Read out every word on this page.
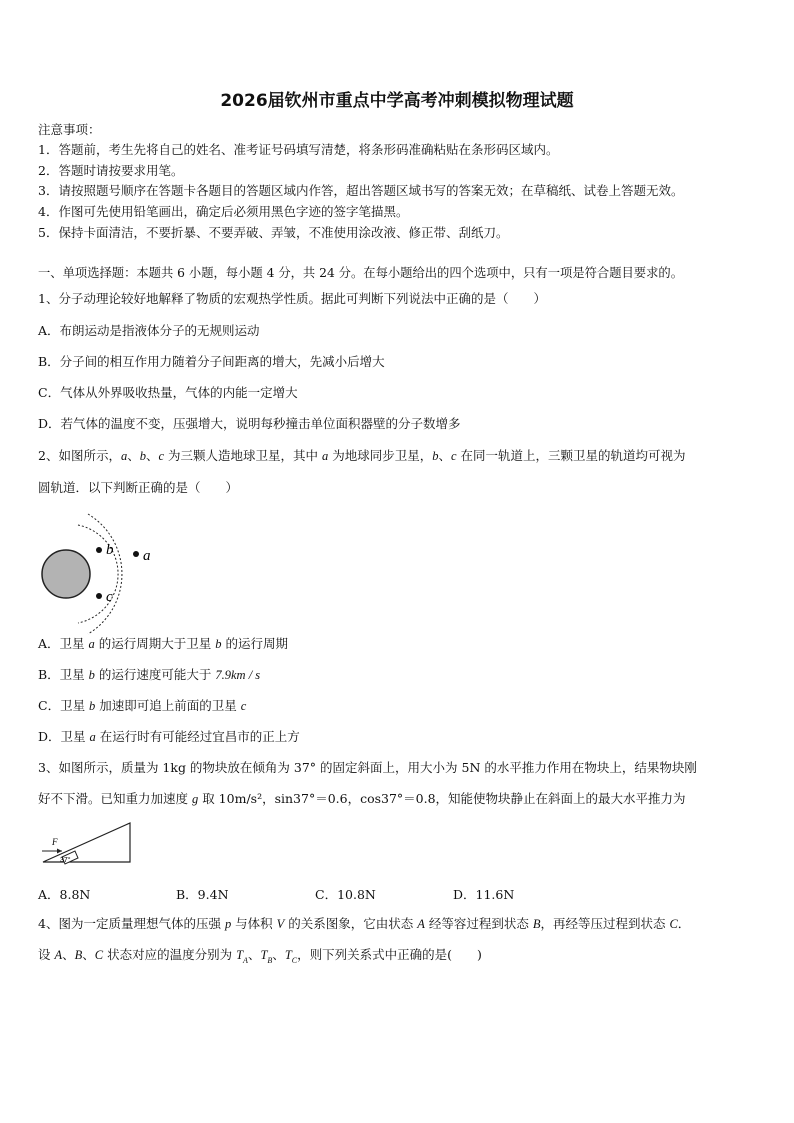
2026届钦州市重点中学高考冲刺模拟物理试题
注意事项：
1．答题前，考生先将自己的姓名、准考证号码填写清楚，将条形码准确粘贴在条形码区域内。
2．答题时请按要求用笔。
3．请按照题号顺序在答题卡各题目的答题区域内作答，超出答题区域书写的答案无效；在草稿纸、试卷上答题无效。
4．作图可先使用铅笔画出，确定后必须用黑色字迹的签字笔描黑。
5．保持卡面清洁，不要折暴、不要弄破、弄皱，不准使用涂改液、修正带、刮纸刀。
一、单项选择题：本题共 6 小题，每小题 4 分，共 24 分。在每小题给出的四个选项中，只有一项是符合题目要求的。
1、分子动理论较好地解释了物质的宏观热学性质。据此可判断下列说法中正确的是（　　）
A．布朗运动是指液体分子的无规则运动
B．分子间的相互作用力随着分子间距离的增大，先减小后增大
C．气体从外界吸收热量，气体的内能一定增大
D．若气体的温度不变，压强增大，说明每秒撞击单位面积器壁的分子数增多
2、如图所示，a、b、c 为三颗人造地球卫星，其中 a 为地球同步卫星，b、c 在同一轨道上，三颗卫星的轨道均可视为
圆轨道．以下判断正确的是（　　）
b a
c
A．卫星 a 的运行周期大于卫星 b 的运行周期
B．卫星 b 的运行速度可能大于 7.9km / s
C．卫星 b 加速即可追上前面的卫星 c
D．卫星 a 在运行时有可能经过宜昌市的正上方
3、如图所示，质量为 1kg 的物块放在倾角为 37° 的固定斜面上，用大小为 5N 的水平推力作用在物块上，结果物块刚
好不下滑。已知重力加速度 g 取 10m/s²，sin37°＝0.6，cos37°＝0.8，知能使物块静止在斜面上的最大水平推力为
F
37°
A．8.8N	B．9.4N	C．10.8N	D．11.6N
4、图为一定质量理想气体的压强 p 与体积 V 的关系图象，它由状态 A 经等容过程到状态 B，再经等压过程到状态 C．
设 A、B、C 状态对应的温度分别为 $T_A$、$T_B$、$T_C$，则下列关系式中正确的是(　　)
